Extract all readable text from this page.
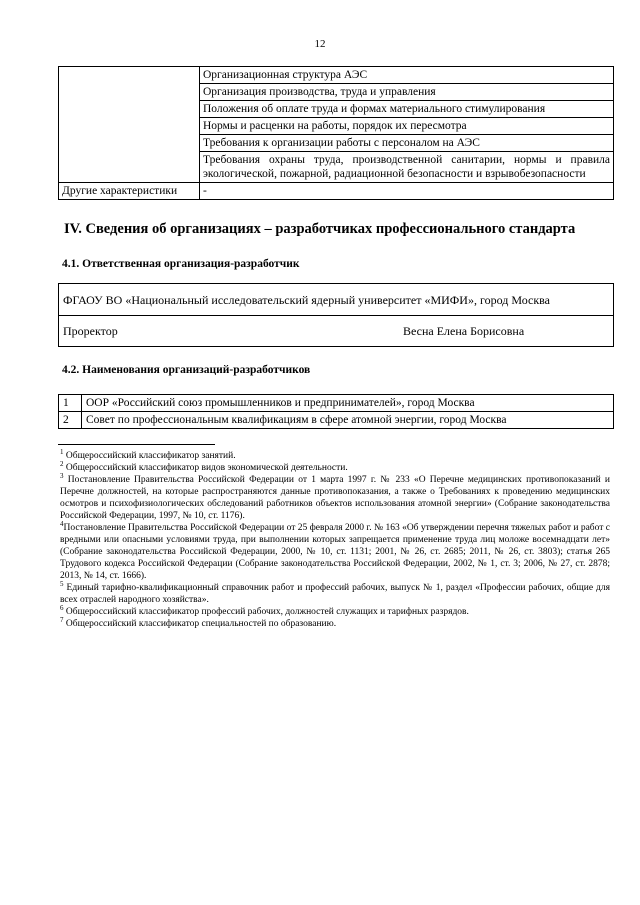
12
	Организационная структура АЭС
	Организация производства, труда и управления
	Положения об оплате труда и формах материального стимулирования
	Нормы и расценки на работы, порядок их пересмотра
	Требования к организации работы с персоналом на АЭС
	Требования охраны труда, производственной санитарии, нормы и правила экологической, пожарной, радиационной безопасности и взрывобезопасности
Другие характеристики	-
IV. Сведения об организациях – разработчиках профессионального стандарта
4.1. Ответственная организация-разработчик
ФГАОУ ВО «Национальный исследовательский ядерный университет «МИФИ», город Москва
Проректор	Весна Елена Борисовна
4.2. Наименования организаций-разработчиков
1	ООР «Российский союз промышленников и предпринимателей», город Москва
2	Совет по профессиональным квалификациям в сфере атомной энергии, город Москва

$^1$ Общероссийский классификатор занятий.

$^2$ Общероссийский классификатор видов экономической деятельности.

$^3$ Постановление Правительства Российской Федерации от 1 марта 1997 г. № 233 «О Перечне медицинских противопоказаний и Перечне должностей, на которые распространяются данные противопоказания, а также о Требованиях к проведению медицинских осмотров и психофизиологических обследований работников объектов использования атомной энергии» (Собрание законодательства Российской Федерации, 1997, № 10, ст. 1176).

$^4$Постановление Правительства Российской Федерации от 25 февраля 2000 г. № 163 «Об утверждении перечня тяжелых работ и работ с вредными или опасными условиями труда, при выполнении которых запрещается применение труда лиц моложе восемнадцати лет» (Собрание законодательства Российской Федерации, 2000, № 10, ст. 1131; 2001, № 26, ст. 2685; 2011, № 26, ст. 3803); статья 265 Трудового кодекса Российской Федерации (Собрание законодательства Российской Федерации, 2002, № 1, ст. 3; 2006, № 27, ст. 2878; 2013, № 14, ст. 1666).

$^5$ Единый тарифно-квалификационный справочник работ и профессий рабочих, выпуск № 1, раздел «Профессии рабочих, общие для всех отраслей народного хозяйства».

$^6$ Общероссийский классификатор профессий рабочих, должностей служащих и тарифных разрядов.

$^7$ Общероссийский классификатор специальностей по образованию.
